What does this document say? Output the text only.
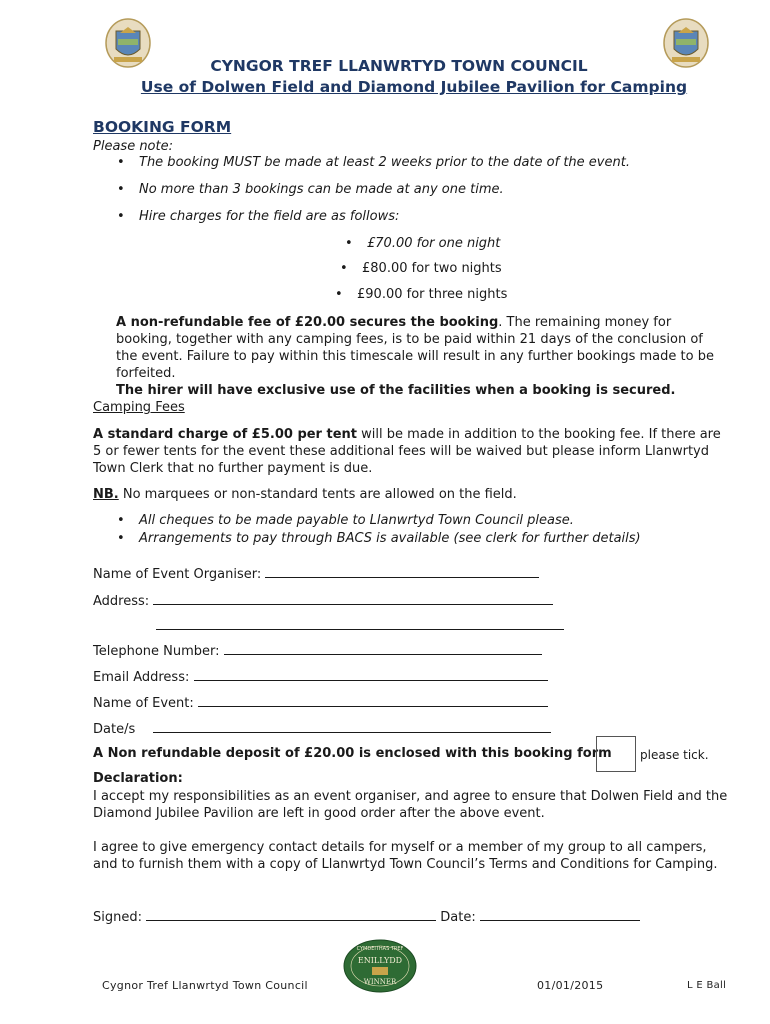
CYNGOR TREF LLANWRTYD TOWN COUNCIL
Use of Dolwen Field and Diamond Jubilee Pavilion for Camping
BOOKING FORM
Please note:
• The booking MUST be made at least 2 weeks prior to the date of the event.
• No more than 3 bookings can be made at any one time.
• Hire charges for the field are as follows:
• £70.00 for one night
• £80.00 for two nights
• £90.00 for three nights
A non-refundable fee of £20.00 secures the booking. The remaining money for booking, together with any camping fees, is to be paid within 21 days of the conclusion of the event. Failure to pay within this timescale will result in any further bookings made to be forfeited.
The hirer will have exclusive use of the facilities when a booking is secured.
Camping Fees
A standard charge of £5.00 per tent will be made in addition to the booking fee. If there are 5 or fewer tents for the event these additional fees will be waived but please inform Llanwrtyd Town Clerk that no further payment is due.
NB. No marquees or non-standard tents are allowed on the field.
• All cheques to be made payable to Llanwrtyd Town Council please.
• Arrangements to pay through BACS is available (see clerk for further details)
Name of Event Organiser:
Address:
Telephone Number:
Email Address:
Name of Event:
Date/s
A Non refundable deposit of £20.00 is enclosed with this booking form please tick.
Declaration:
I accept my responsibilities as an event organiser, and agree to ensure that Dolwen Field and the Diamond Jubilee Pavilion are left in good order after the above event.
I agree to give emergency contact details for myself or a member of my group to all campers, and to furnish them with a copy of Llanwrtyd Town Council’s Terms and Conditions for Camping.
Signed:	Date:
CYMDEITHAS TREF
ENILLYDD
WINNER
Cygnor Tref Llanwrtyd Town Council	01/01/2015	L E Ball
